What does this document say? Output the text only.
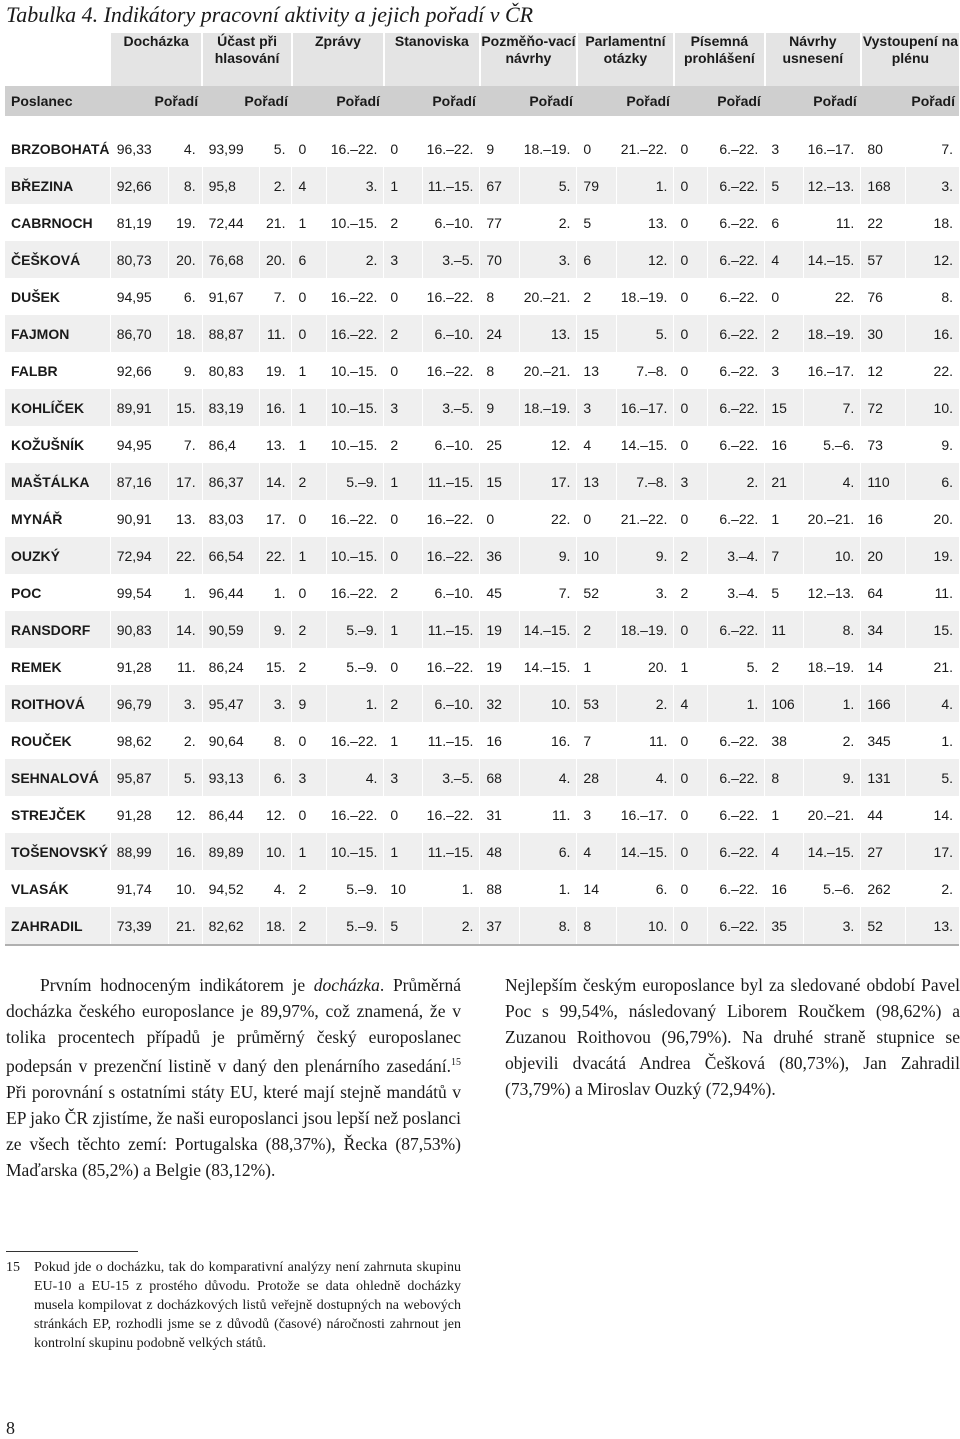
Tabulka 4. Indikátory pracovní aktivity a jejich pořadí v ČR
	Docházka		Účast při hlasování		Zprávy		Stanoviska		Pozměňo-vací návrhy		Parlamentní otázky		Písemná prohlášení		Návrhy usnesení		Vystoupení na plénu	
Poslanec	Pořadí		Pořadí		Pořadí		Pořadí		Pořadí		Pořadí		Pořadí		Pořadí		Pořadí	

BRZOBOHATÁ	96,33	4.	93,99	5.	0	16.–22.	0	16.–22.	9	18.–19.	0	21.–22.	0	6.–22.	3	16.–17.	80	7.
BŘEZINA	92,66	8.	95,8	2.	4	3.	1	11.–15.	67	5.	79	1.	0	6.–22.	5	12.–13.	168	3.
CABRNOCH	81,19	19.	72,44	21.	1	10.–15.	2	6.–10.	77	2.	5	13.	0	6.–22.	6	11.	22	18.
ČEŠKOVÁ	80,73	20.	76,68	20.	6	2.	3	3.–5.	70	3.	6	12.	0	6.–22.	4	14.–15.	57	12.
DUŠEK	94,95	6.	91,67	7.	0	16.–22.	0	16.–22.	8	20.–21.	2	18.–19.	0	6.–22.	0	22.	76	8.
FAJMON	86,70	18.	88,87	11.	0	16.–22.	2	6.–10.	24	13.	15	5.	0	6.–22.	2	18.–19.	30	16.
FALBR	92,66	9.	80,83	19.	1	10.–15.	0	16.–22.	8	20.–21.	13	7.–8.	0	6.–22.	3	16.–17.	12	22.
KOHLÍČEK	89,91	15.	83,19	16.	1	10.–15.	3	3.–5.	9	18.–19.	3	16.–17.	0	6.–22.	15	7.	72	10.
KOŽUŠNÍK	94,95	7.	86,4	13.	1	10.–15.	2	6.–10.	25	12.	4	14.–15.	0	6.–22.	16	5.–6.	73	9.
MAŠTÁLKA	87,16	17.	86,37	14.	2	5.–9.	1	11.–15.	15	17.	13	7.–8.	3	2.	21	4.	110	6.
MYNÁŘ	90,91	13.	83,03	17.	0	16.–22.	0	16.–22.	0	22.	0	21.–22.	0	6.–22.	1	20.–21.	16	20.
OUZKÝ	72,94	22.	66,54	22.	1	10.–15.	0	16.–22.	36	9.	10	9.	2	3.–4.	7	10.	20	19.
POC	99,54	1.	96,44	1.	0	16.–22.	2	6.–10.	45	7.	52	3.	2	3.–4.	5	12.–13.	64	11.
RANSDORF	90,83	14.	90,59	9.	2	5.–9.	1	11.–15.	19	14.–15.	2	18.–19.	0	6.–22.	11	8.	34	15.
REMEK	91,28	11.	86,24	15.	2	5.–9.	0	16.–22.	19	14.–15.	1	20.	1	5.	2	18.–19.	14	21.
ROITHOVÁ	96,79	3.	95,47	3.	9	1.	2	6.–10.	32	10.	53	2.	4	1.	106	1.	166	4.
ROUČEK	98,62	2.	90,64	8.	0	16.–22.	1	11.–15.	16	16.	7	11.	0	6.–22.	38	2.	345	1.
SEHNALOVÁ	95,87	5.	93,13	6.	3	4.	3	3.–5.	68	4.	28	4.	0	6.–22.	8	9.	131	5.
STREJČEK	91,28	12.	86,44	12.	0	16.–22.	0	16.–22.	31	11.	3	16.–17.	0	6.–22.	1	20.–21.	44	14.
TOŠENOVSKÝ	88,99	16.	89,89	10.	1	10.–15.	1	11.–15.	48	6.	4	14.–15.	0	6.–22.	4	14.–15.	27	17.
VLASÁK	91,74	10.	94,52	4.	2	5.–9.	10	1.	88	1.	14	6.	0	6.–22.	16	5.–6.	262	2.
ZAHRADIL	73,39	21.	82,62	18.	2	5.–9.	5	2.	37	8.	8	10.	0	6.–22.	35	3.	52	13.
Prvním hodnoceným indikátorem je docházka. Průměrná docházka českého europoslance je 89,97%, což znamená, že v tolika procentech případů je průměrný český europoslanec podepsán v prezenční listině v daný den plenárního zasedání.$^{15}$ Při porovnání s ostatními státy EU, které mají stejně mandátů v EP jako ČR zjistíme, že naši europoslanci jsou lepší než poslanci ze všech těchto zemí: Portugalska (88,37%), Řecka (87,53%) Maďarska (85,2%) a Belgie (83,12%).
Nejlepším českým europoslance byl za sledované období Pavel Poc s 99,54%, následovaný Liborem Roučkem (98,62%) a Zuzanou Roithovou (96,79%). Na druhé straně stupnice se objevili dvacátá Andrea Češková (80,73%), Jan Zahradil (73,79%) a Miroslav Ouzký (72,94%).
15 Pokud jde o docházku, tak do komparativní analýzy není zahrnuta skupinu EU-10 a EU-15 z prostého důvodu. Protože se data ohledně docházky musela kompilovat z docházkových listů veřejně dostupných na webových stránkách EP, rozhodli jsme se z důvodů (časové) náročnosti zahrnout jen kontrolní skupinu podobně velkých států.
8
